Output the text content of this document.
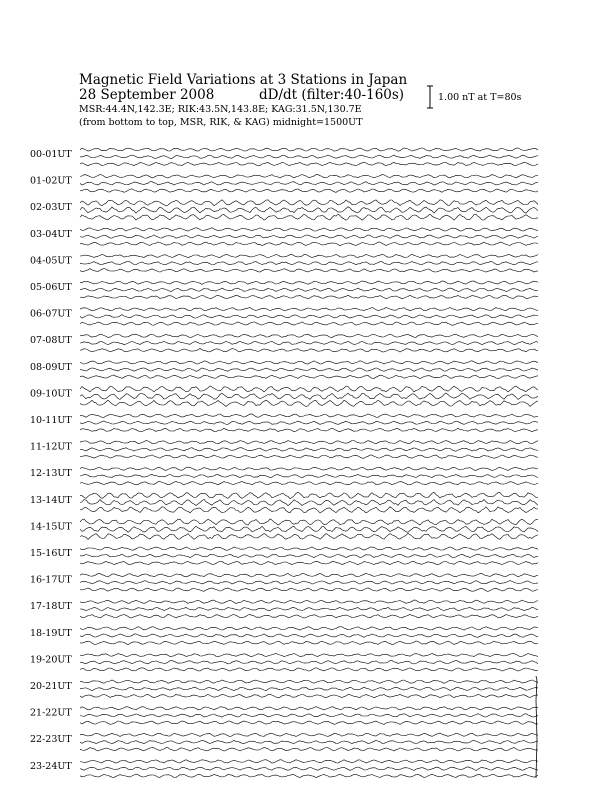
Magnetic Field Variations at 3 Stations in Japan
28 September 2008	dD/dt (filter:40-160s)
MSR:44.4N,142.3E; RIK:43.5N,143.8E; KAG:31.5N,130.7E
(from bottom to top, MSR, RIK, & KAG) midnight=1500UT
1.00 nT at T=80s
00-01UT
01-02UT
02-03UT
03-04UT
04-05UT
05-06UT
06-07UT
07-08UT
08-09UT
09-10UT
10-11UT
11-12UT
12-13UT
13-14UT
14-15UT
15-16UT
16-17UT
17-18UT
18-19UT
19-20UT
20-21UT
21-22UT
22-23UT
23-24UT
